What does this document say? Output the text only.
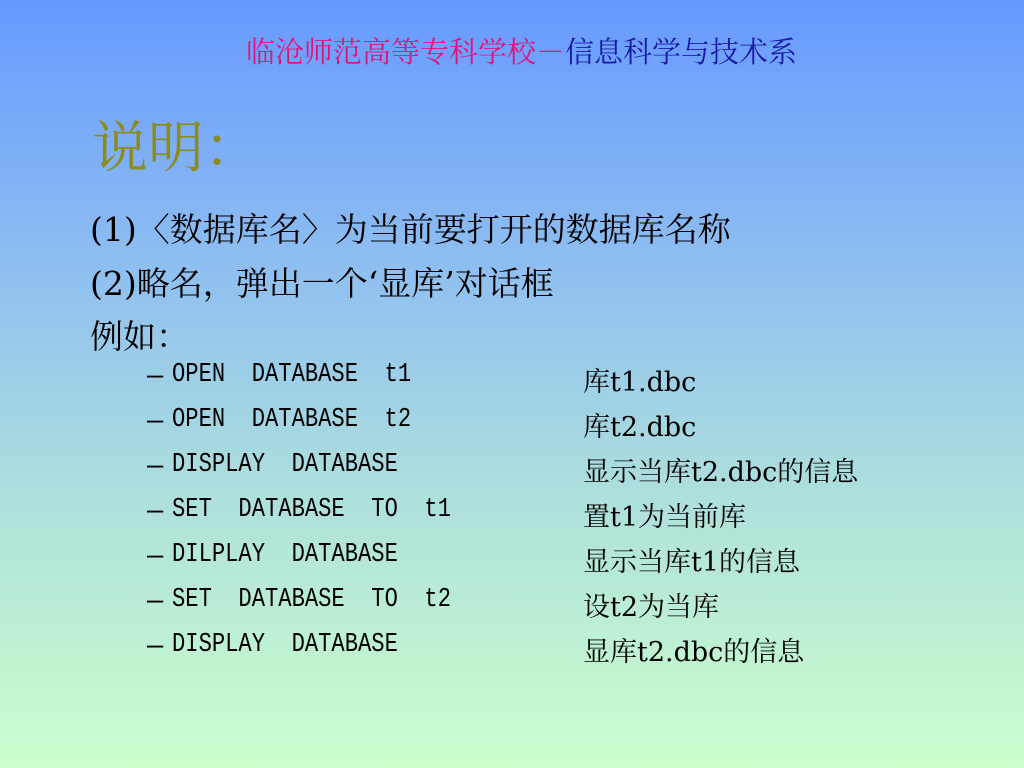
临沧师范高等专科学校－信息科学与技术系
说明：
(1)〈数据库名〉为当前要打开的数据库名称
(2)略名，弹出一个‘显库’对话框
例如：
– OPEN  DATABASE  t1	库t1.dbc
– OPEN  DATABASE  t2	库t2.dbc
– DISPLAY  DATABASE	显示当库t2.dbc的信息
– SET  DATABASE  TO  t1	置t1为当前库
– DILPLAY  DATABASE	显示当库t1的信息
– SET  DATABASE  TO  t2	设t2为当库
– DISPLAY  DATABASE	显库t2.dbc的信息
